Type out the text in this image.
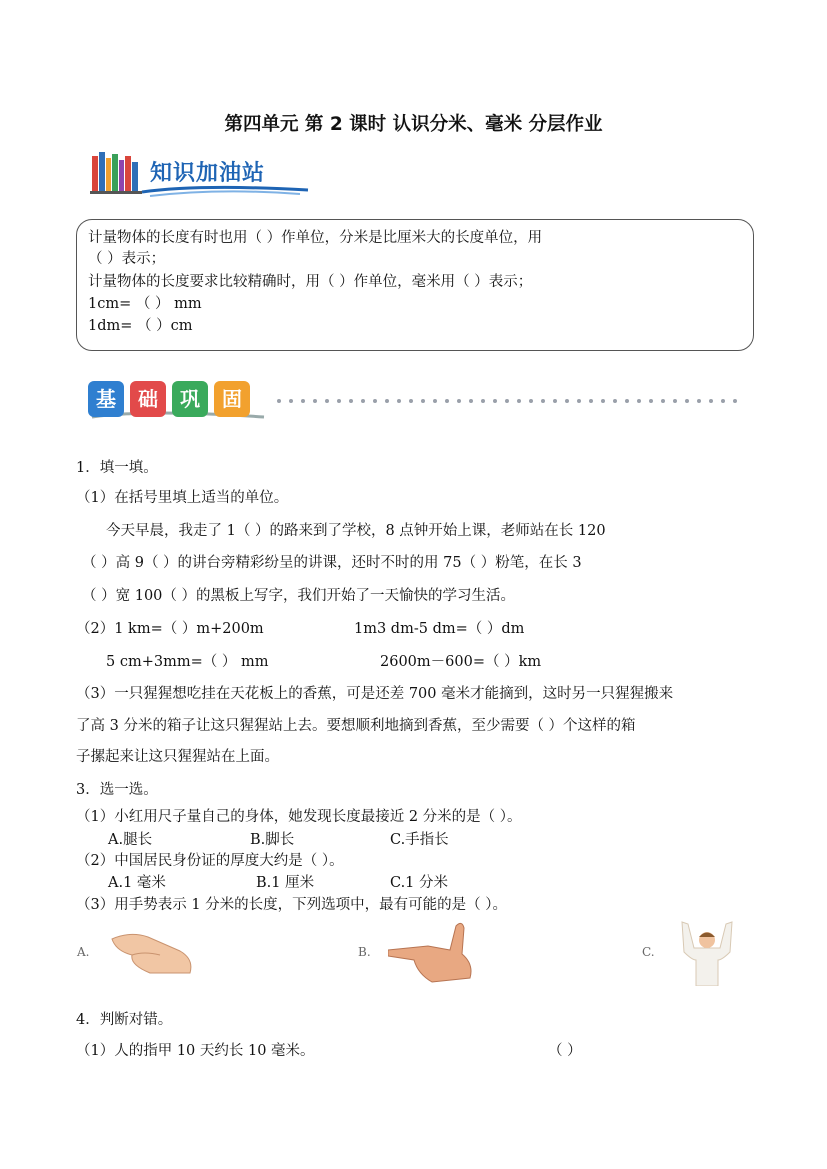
第四单元 第 2 课时 认识分米、毫米 分层作业
知识加油站
计量物体的长度有时也用（ ）作单位，分米是比厘米大的长度单位，用
（ ）表示；
计量物体的长度要求比较精确时，用（ ）作单位，毫米用（ ）表示；
1cm= （ ） mm
1dm= （ ）cm
基	础	巩	固
1．填一填。
（1）在括号里填上适当的单位。
今天早晨，我走了 1（ ）的路来到了学校，8 点钟开始上课，老师站在长 120
（ ）高 9（ ）的讲台旁精彩纷呈的讲课，还时不时的用 75（ ）粉笔，在长 3
（ ）宽 100（ ）的黑板上写字，我们开始了一天愉快的学习生活。
（2）1 km=（ ）m+200m	1m3 dm-5 dm=（ ）dm
5 cm+3mm=（ ） mm	2600m－600=（ ）km
（3）一只猩猩想吃挂在天花板上的香蕉，可是还差 700 毫米才能摘到，这时另一只猩猩搬来
了高 3 分米的箱子让这只猩猩站上去。要想顺利地摘到香蕉，至少需要（ ）个这样的箱
子摞起来让这只猩猩站在上面。
3．选一选。
（1）小红用尺子量自己的身体，她发现长度最接近 2 分米的是（ ）。
A.腿长	B.脚长	C.手指长
（2）中国居民身份证的厚度大约是（ ）。
A.1 毫米	B.1 厘米	C.1 分米
（3）用手势表示 1 分米的长度，下列选项中，最有可能的是（ ）。
A.	B.	C.
4．判断对错。
（1）人的指甲 10 天约长 10 毫米。	（ ）
